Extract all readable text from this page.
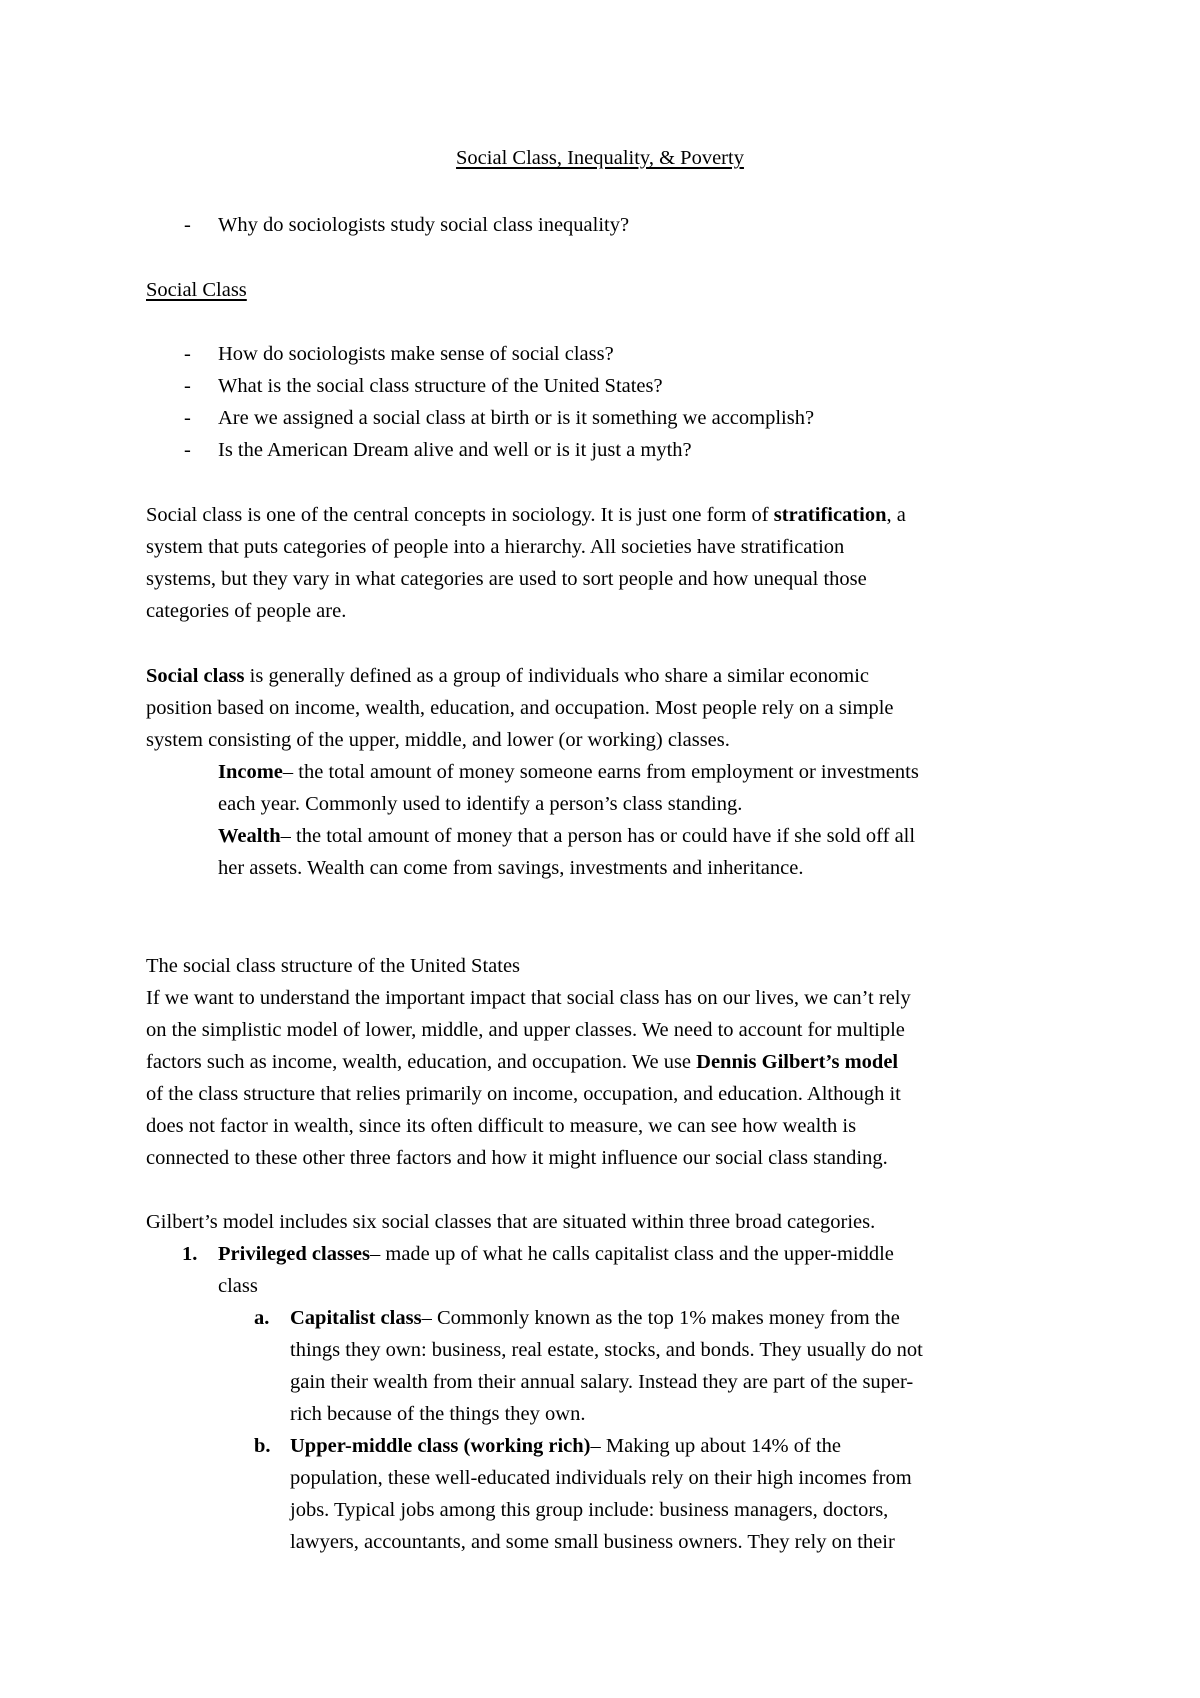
Social Class, Inequality, & Poverty
- Why do sociologists study social class inequality?
Social Class
- How do sociologists make sense of social class?
- What is the social class structure of the United States?
- Are we assigned a social class at birth or is it something we accomplish?
- Is the American Dream alive and well or is it just a myth?
Social class is one of the central concepts in sociology. It is just one form of stratification, a
system that puts categories of people into a hierarchy. All societies have stratification
systems, but they vary in what categories are used to sort people and how unequal those
categories of people are.
Social class is generally defined as a group of individuals who share a similar economic
position based on income, wealth, education, and occupation. Most people rely on a simple
system consisting of the upper, middle, and lower (or working) classes.
Income– the total amount of money someone earns from employment or investments
each year. Commonly used to identify a person’s class standing.
Wealth– the total amount of money that a person has or could have if she sold off all
her assets. Wealth can come from savings, investments and inheritance.
The social class structure of the United States
If we want to understand the important impact that social class has on our lives, we can’t rely
on the simplistic model of lower, middle, and upper classes. We need to account for multiple
factors such as income, wealth, education, and occupation. We use Dennis Gilbert’s model
of the class structure that relies primarily on income, occupation, and education. Although it
does not factor in wealth, since its often difficult to measure, we can see how wealth is
connected to these other three factors and how it might influence our social class standing.
Gilbert’s model includes six social classes that are situated within three broad categories.
1. Privileged classes– made up of what he calls capitalist class and the upper-middle
class
a. Capitalist class– Commonly known as the top 1% makes money from the
things they own: business, real estate, stocks, and bonds. They usually do not
gain their wealth from their annual salary. Instead they are part of the super-
rich because of the things they own.
b. Upper-middle class (working rich)– Making up about 14% of the
population, these well-educated individuals rely on their high incomes from
jobs. Typical jobs among this group include: business managers, doctors,
lawyers, accountants, and some small business owners. They rely on their
